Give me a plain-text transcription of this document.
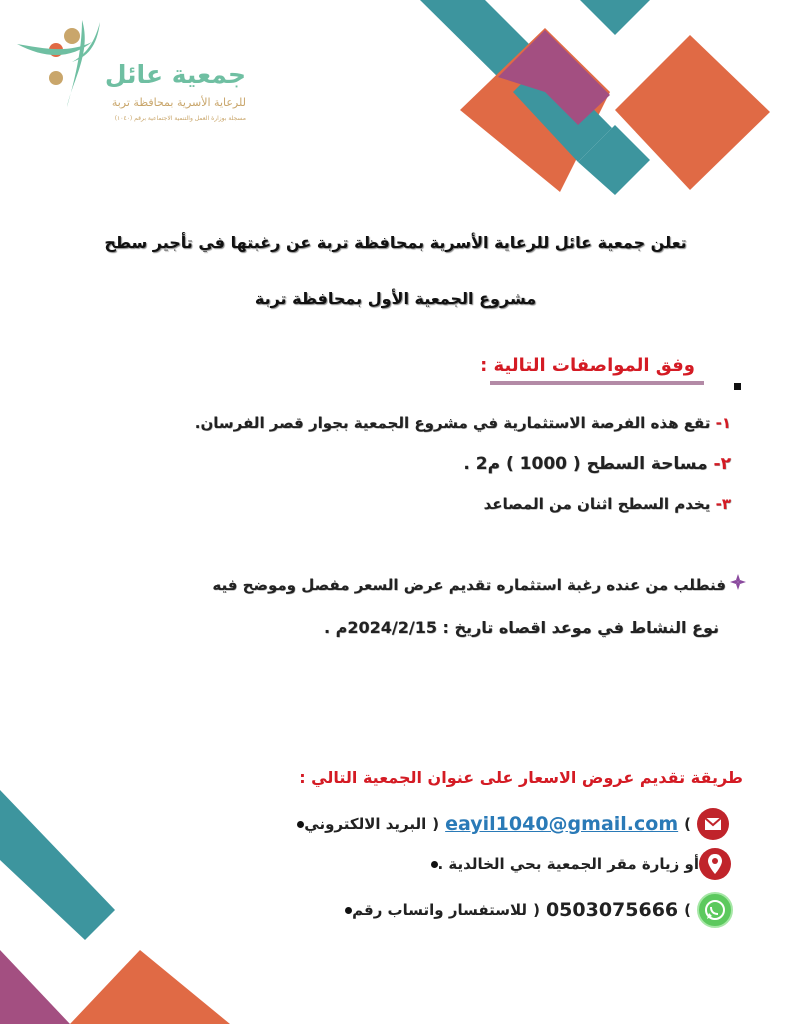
جمعية عائل
للرعاية الأسرية بمحافظة تربة
مسجلة بوزارة العمل والتنمية الاجتماعية برقم (١٠٤٠)
تعلن جمعية عائل للرعاية الأسرية بمحافظة تربة عن رغبتها في تأجير سطح
مشروع الجمعية الأول بمحافظة تربة
وفق المواصفات التالية :
١- تقع هذه الفرصة الاستثمارية في مشروع الجمعية بجوار قصر الفرسان.
٢- مساحة السطح ( 1000 ) م2 .
٣- يخدم السطح اثنان من المصاعد
فنطلب من عنده رغبة استثماره تقديم عرض السعر مفصل وموضح فيه
نوع النشاط في موعد اقصاه تاريخ : 2024/2/15م .
طريقة تقديم عروض الاسعار على عنوان الجمعية التالي :
البريد الالكتروني ( eayil1040@gmail.com )
أو زيارة مقر الجمعية بحي الخالدية .
للاستفسار واتساب رقم ( 0503075666 )
